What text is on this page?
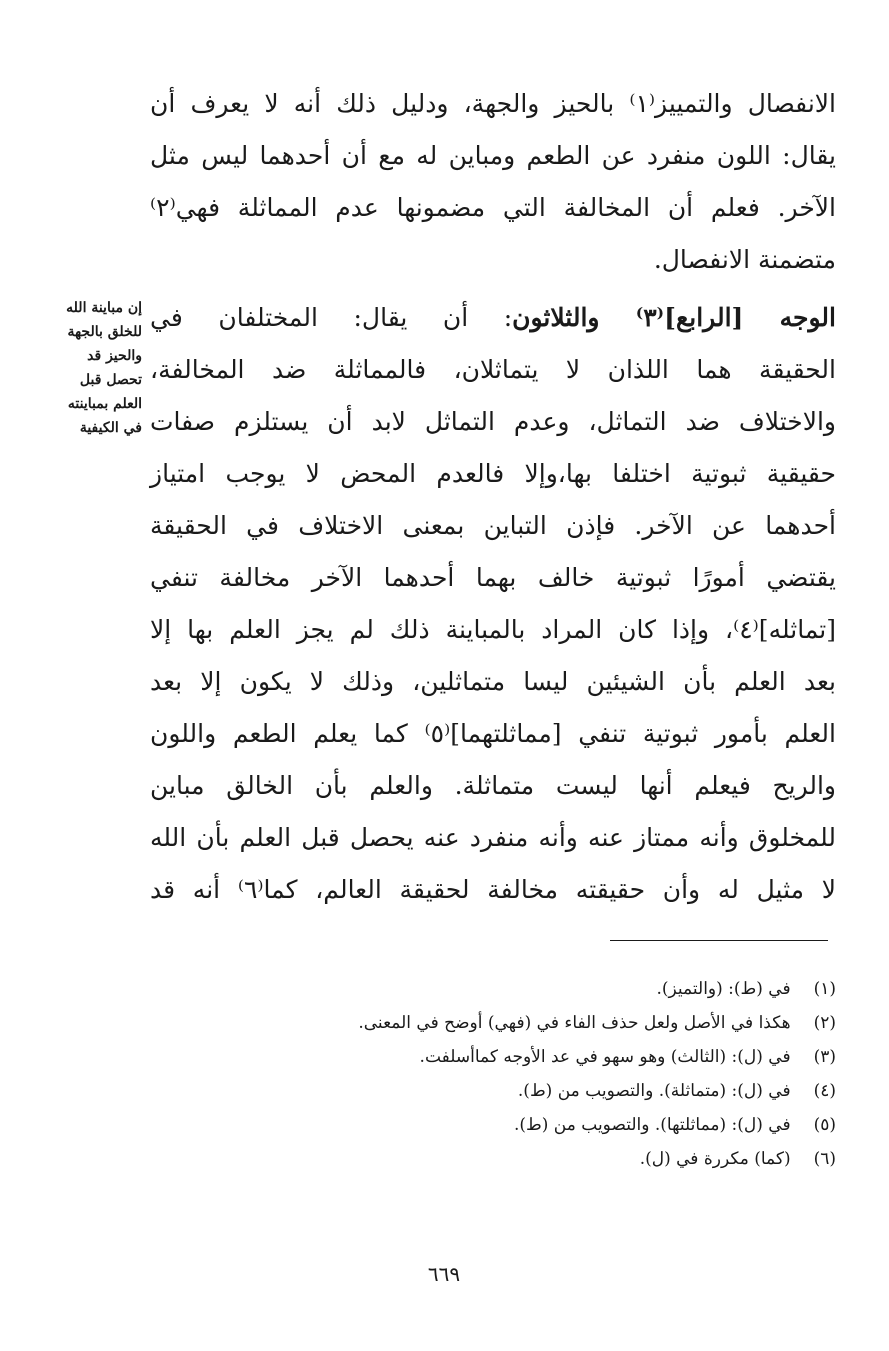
الانفصال والتمييز⁽١⁾ بالحيز والجهة، ودليل ذلك أنه لا يعرف أن
يقال: اللون منفرد عن الطعم ومباين له مع أن أحدهما ليس مثل
الآخر. فعلم أن المخالفة التي مضمونها عدم المماثلة فهي⁽٢⁾
متضمنة الانفصال.
الوجه [الرابع]⁽٣⁾ والثلاثون: أن يقال: المختلفان في
الحقيقة هما اللذان لا يتماثلان، فالمماثلة ضد المخالفة،
والاختلاف ضد التماثل، وعدم التماثل لابد أن يستلزم صفات
حقيقية ثبوتية اختلفا بها،وإلا فالعدم المحض لا يوجب امتياز
أحدهما عن الآخر. فإذن التباين بمعنى الاختلاف في الحقيقة
يقتضي أمورًا ثبوتية خالف بهما أحدهما الآخر مخالفة تنفي
[تماثله]⁽٤⁾، وإذا كان المراد بالمباينة ذلك لم يجز العلم بها إلا
بعد العلم بأن الشيئين ليسا متماثلين، وذلك لا يكون إلا بعد
العلم بأمور ثبوتية تنفي [مماثلتهما]⁽٥⁾ كما يعلم الطعم واللون
والريح فيعلم أنها ليست متماثلة. والعلم بأن الخالق مباين
للمخلوق وأنه ممتاز عنه وأنه منفرد عنه يحصل قبل العلم بأن الله
لا مثيل له وأن حقيقته مخالفة لحقيقة العالم، كما⁽٦⁾ أنه قد
إن مباينة الله
للخلق بالجهة
والحيز قد
تحصل قبل
العلم بمباينته
في الكيفية
(١) في (ط): (والتميز).
(٢) هكذا في الأصل ولعل حذف الفاء في (فهي) أوضح في المعنى.
(٣) في (ل): (الثالث) وهو سهو في عد الأوجه كماأسلفت.
(٤) في (ل): (متماثلة). والتصويب من (ط).
(٥) في (ل): (مماثلتها). والتصويب من (ط).
(٦) (كما) مكررة في (ل).
٦٦٩
